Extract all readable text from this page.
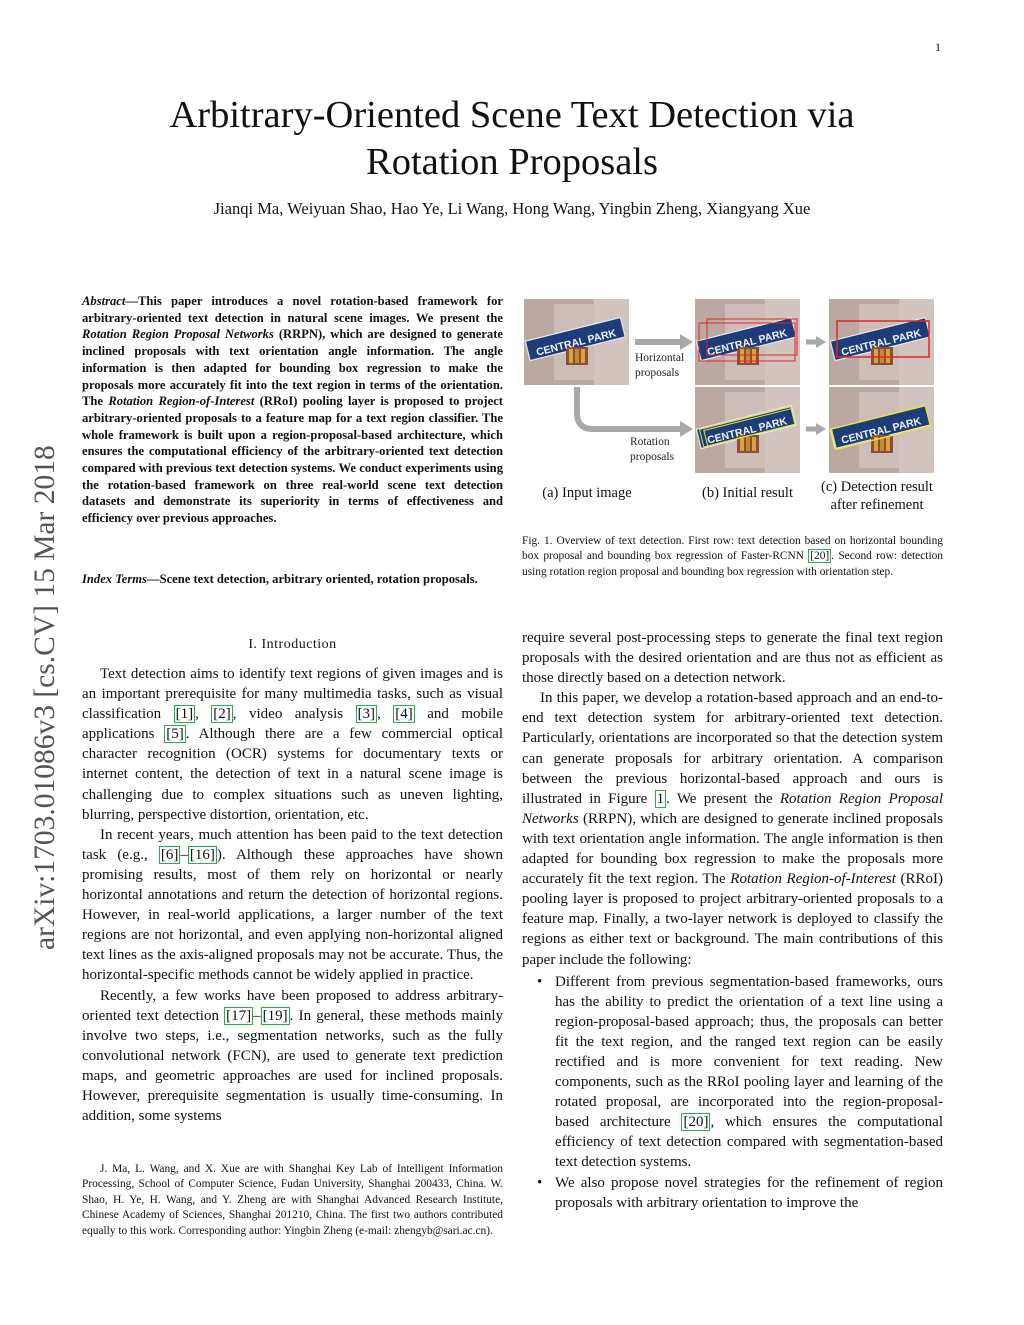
1
Arbitrary-Oriented Scene Text Detection via Rotation Proposals
Jianqi Ma, Weiyuan Shao, Hao Ye, Li Wang, Hong Wang, Yingbin Zheng, Xiangyang Xue
arXiv:1703.01086v3 [cs.CV] 15 Mar 2018
Abstract—This paper introduces a novel rotation-based framework for arbitrary-oriented text detection in natural scene images. We present the Rotation Region Proposal Networks (RRPN), which are designed to generate inclined proposals with text orientation angle information. The angle information is then adapted for bounding box regression to make the proposals more accurately fit into the text region in terms of the orientation. The Rotation Region-of-Interest (RRoI) pooling layer is proposed to project arbitrary-oriented proposals to a feature map for a text region classifier. The whole framework is built upon a region-proposal-based architecture, which ensures the computational efficiency of the arbitrary-oriented text detection compared with previous text detection systems. We conduct experiments using the rotation-based framework on three real-world scene text detection datasets and demonstrate its superiority in terms of effectiveness and efficiency over previous approaches.
Index Terms—Scene text detection, arbitrary oriented, rotation proposals.
I. Introduction

Text detection aims to identify text regions of given images and is an important prerequisite for many multimedia tasks, such as visual classification [1] , [2] , video analysis [3] , [4] and mobile applications [5] . Although there are a few commercial optical character recognition (OCR) systems for documentary texts or internet content, the detection of text in a natural scene image is challenging due to complex situations such as uneven lighting, blurring, perspective distortion, orientation, etc.

In recent years, much attention has been paid to the text detection task (e.g., [6] – [16] ). Although these approaches have shown promising results, most of them rely on horizontal or nearly horizontal annotations and return the detection of horizontal regions. However, in real-world applications, a larger number of the text regions are not horizontal, and even applying non-horizontal aligned text lines as the axis-aligned proposals may not be accurate. Thus, the horizontal-specific methods cannot be widely applied in practice.

Recently, a few works have been proposed to address arbitrary-oriented text detection [17] – [19] . In general, these methods mainly involve two steps, i.e., segmentation networks, such as the fully convolutional network (FCN), are used to generate text prediction maps, and geometric approaches are used for inclined proposals. However, prerequisite segmentation is usually time-consuming. In addition, some systems

J. Ma, L. Wang, and X. Xue are with Shanghai Key Lab of Intelligent Information Processing, School of Computer Science, Fudan University, Shanghai 200433, China. W. Shao, H. Ye, H. Wang, and Y. Zheng are with Shanghai Advanced Research Institute, Chinese Academy of Sciences, Shanghai 201210, China. The first two authors contributed equally to this work. Corresponding author: Yingbin Zheng (e-mail: zhengyb@sari.ac.cn).

CENTRAL PARK	CENTRAL PARK	CENTRAL PARK
CENTRAL PARK	CENTRAL PARK
Horizontal proposals
Rotation proposals
(a) Input image	(b) Initial result	(c) Detection result after refinement
Fig. 1. Overview of text detection. First row: text detection based on horizontal bounding box proposal and bounding box regression of Faster-RCNN [20] . Second row: detection using rotation region proposal and bounding box regression with orientation step.

require several post-processing steps to generate the final text region proposals with the desired orientation and are thus not as efficient as those directly based on a detection network.

In this paper, we develop a rotation-based approach and an end-to-end text detection system for arbitrary-oriented text detection. Particularly, orientations are incorporated so that the detection system can generate proposals for arbitrary orientation. A comparison between the previous horizontal-based approach and ours is illustrated in Figure 1 . We present the Rotation Region Proposal Networks (RRPN), which are designed to generate inclined proposals with text orientation angle information. The angle information is then adapted for bounding box regression to make the proposals more accurately fit the text region. The Rotation Region-of-Interest (RRoI) pooling layer is proposed to project arbitrary-oriented proposals to a feature map. Finally, a two-layer network is deployed to classify the regions as either text or background. The main contributions of this paper include the following:

• Different from previous segmentation-based frameworks, ours has the ability to predict the orientation of a text line using a region-proposal-based approach; thus, the proposals can better fit the text region, and the ranged text region can be easily rectified and is more convenient for text reading. New components, such as the RRoI pooling layer and learning of the rotated proposal, are incorporated into the region-proposal-based architecture [20] , which ensures the computational efficiency of text detection compared with segmentation-based text detection systems.
• We also propose novel strategies for the refinement of region proposals with arbitrary orientation to improve the
